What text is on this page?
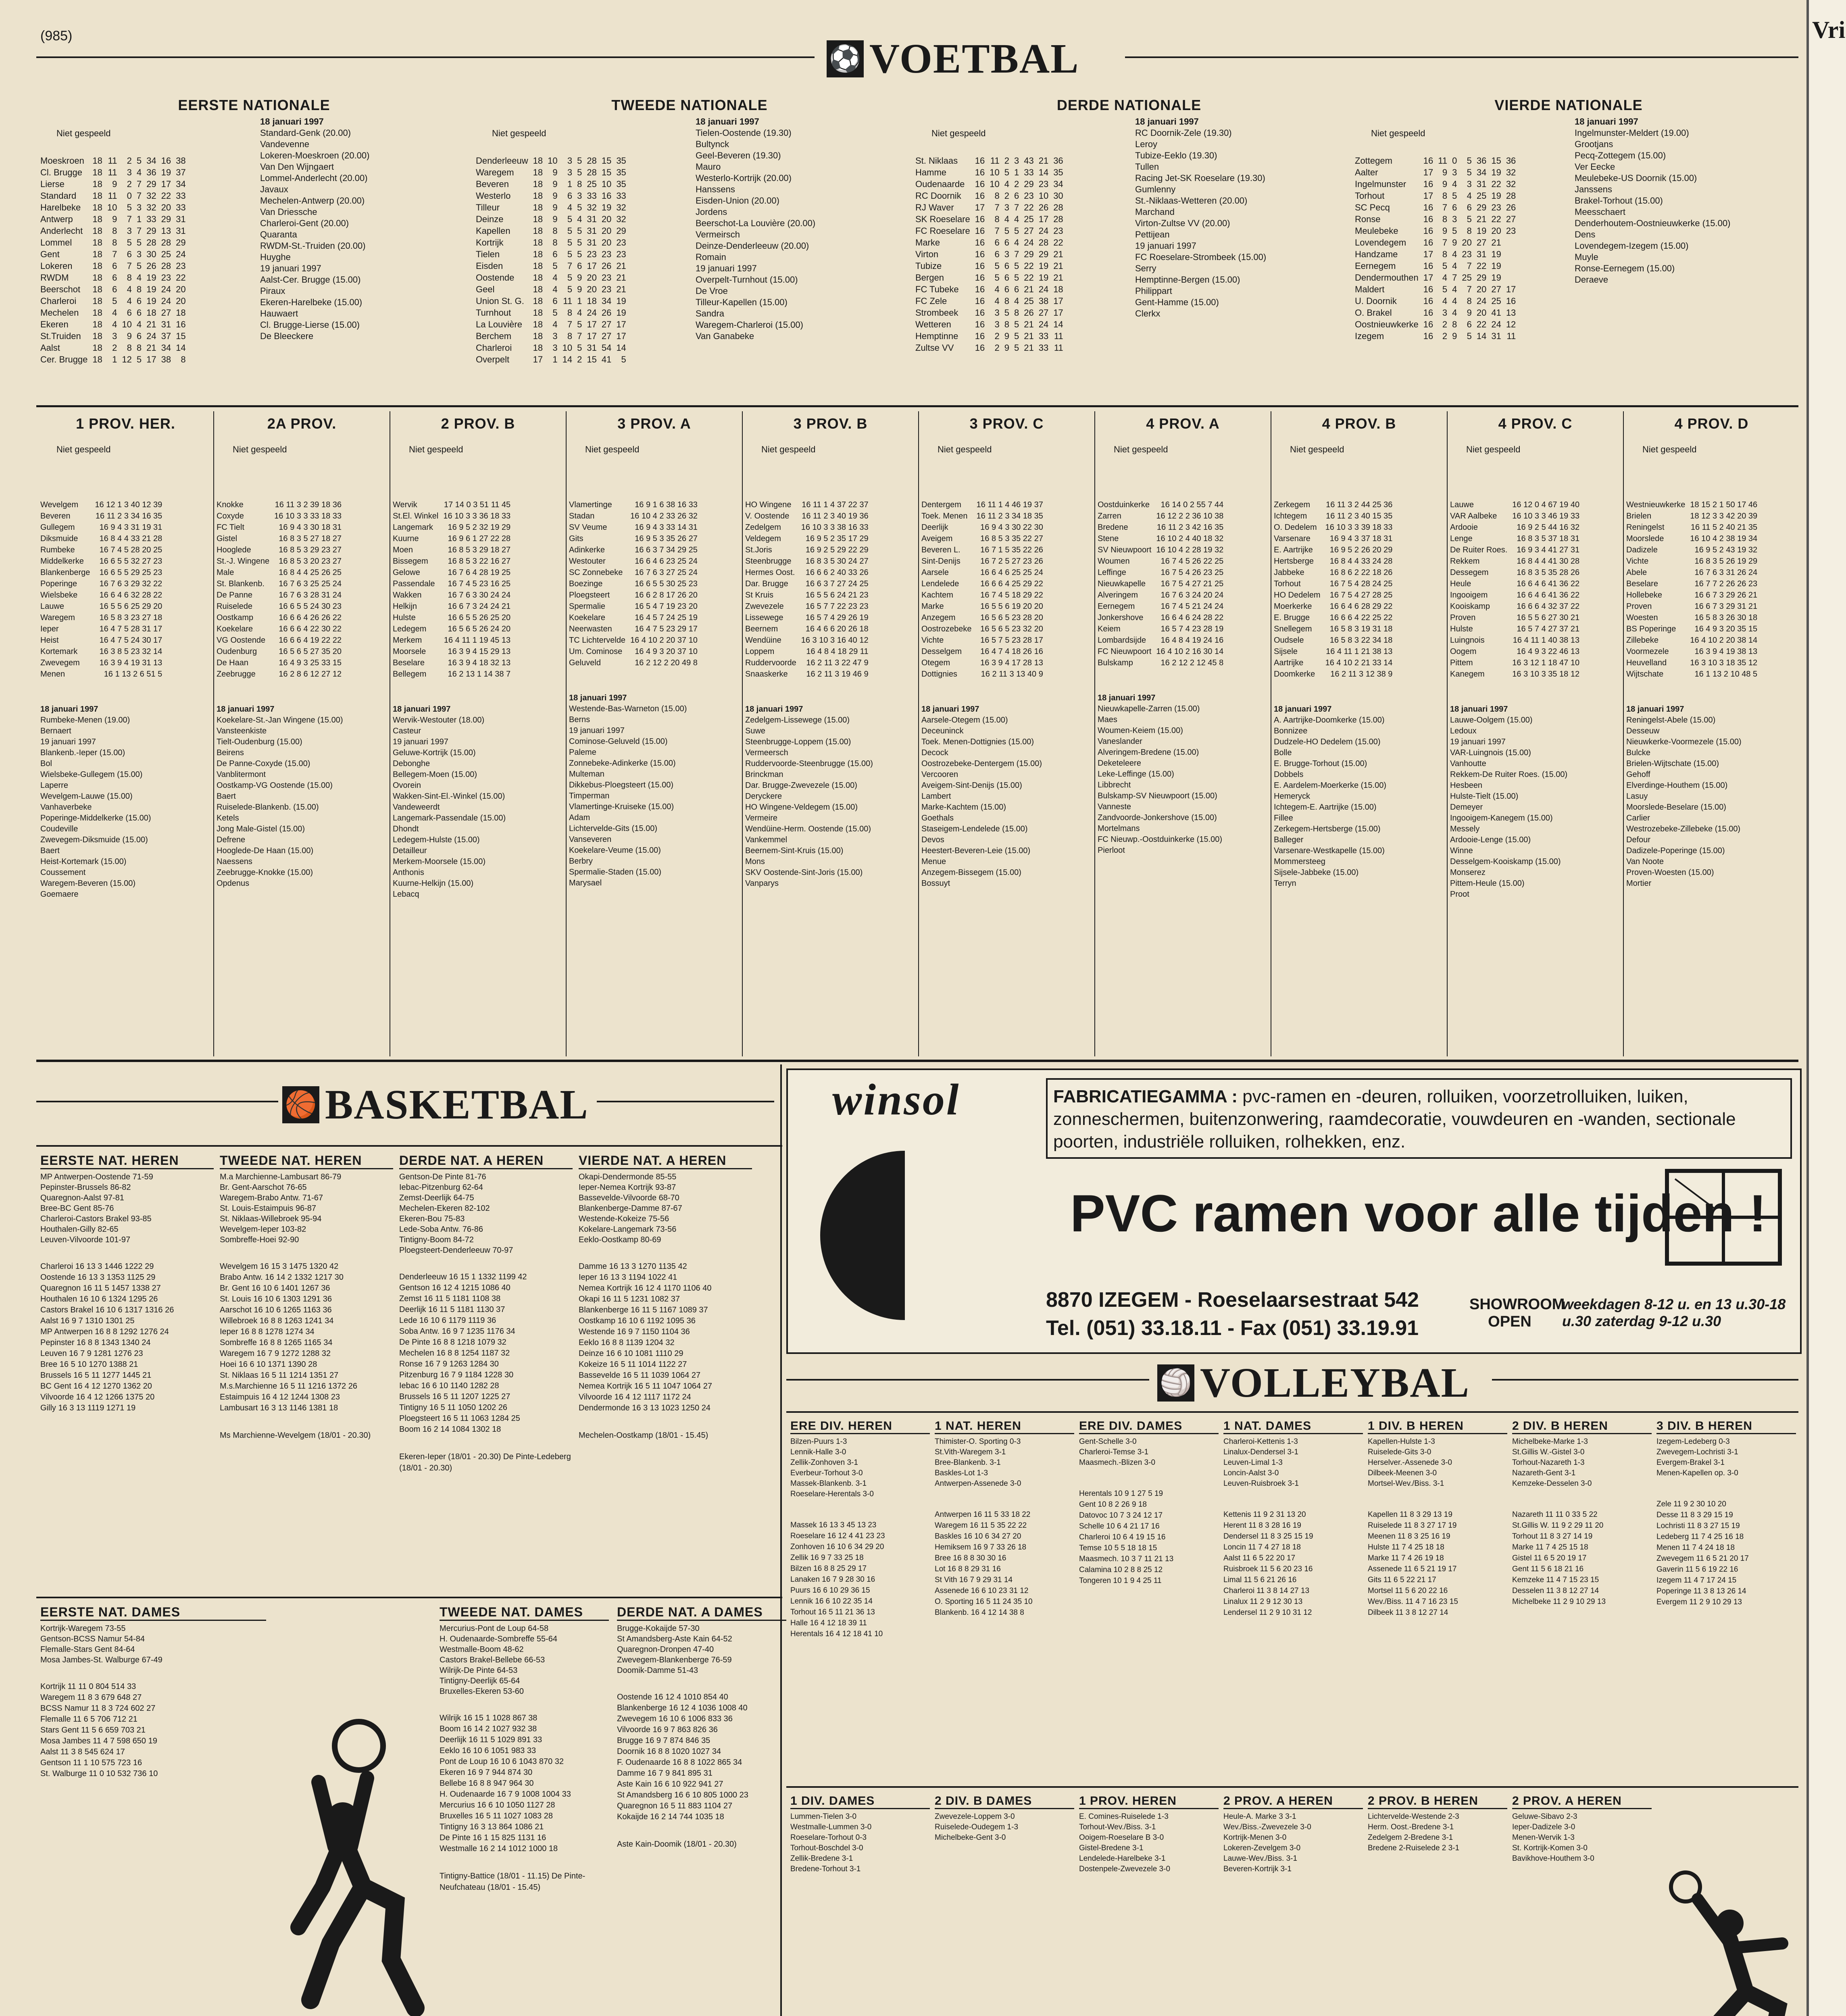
(985)
⚽ VOETBAL
EERSTE NATIONALE
Niet gespeeld
Moeskroen	18	11	2	5	34	16	38
Cl. Brugge	18	11	3	4	36	19	37
Lierse	18	9	2	7	29	17	34
Standard	18	11	0	7	32	22	33
Harelbeke	18	10	5	3	32	20	33
Antwerp	18	9	7	1	33	29	31
Anderlecht	18	8	3	7	29	13	31
Lommel	18	8	5	5	28	28	29
Gent	18	7	6	3	30	25	24
Lokeren	18	6	7	5	26	28	23
RWDM	18	6	8	4	19	23	22
Beerschot	18	6	4	8	19	24	20
Charleroi	18	5	4	6	19	24	20
Mechelen	18	4	6	6	18	27	18
Ekeren	18	4	10	4	21	31	16
St.Truiden	18	3	9	6	24	37	15
Aalst	18	2	8	8	21	34	14
Cer. Brugge	18	1	12	5	17	38	8
18 januari 1997
Standard-Genk (20.00)
Vandevenne
Lokeren-Moeskroen (20.00)
Van Den Wijngaert
Lommel-Anderlecht (20.00)
Javaux
Mechelen-Antwerp (20.00)
Van Driessche
Charleroi-Gent (20.00)
Quaranta
RWDM-St.-Truiden (20.00)
Huyghe
19 januari 1997
Aalst-Cer. Brugge (15.00)
Piraux
Ekeren-Harelbeke (15.00)
Hauwaert
Cl. Brugge-Lierse (15.00)
De Bleeckere
TWEEDE NATIONALE
Niet gespeeld
Denderleeuw	18	10	3	5	28	15	35
Waregem	18	9	3	5	28	15	35
Beveren	18	9	1	8	25	10	35
Westerlo	18	9	6	3	33	16	33
Tilleur	18	9	4	5	32	19	32
Deinze	18	9	5	4	31	20	32
Kapellen	18	8	5	5	31	20	29
Kortrijk	18	8	5	5	31	20	23
Tielen	18	6	5	5	23	23	23
Eisden	18	5	7	6	17	26	21
Oostende	18	4	5	9	20	23	21
Geel	18	4	5	9	20	23	21
Union St. G.	18	6	11	1	18	34	19
Turnhout	18	5	8	4	24	26	19
La Louvière	18	4	7	5	17	27	17
Berchem	18	3	8	7	17	27	17
Charleroi	18	3	10	5	31	54	14
Overpelt	17	1	14	2	15	41	5
18 januari 1997
Tielen-Oostende (19.30)
Bultynck
Geel-Beveren (19.30)
Mauro
Westerlo-Kortrijk (20.00)
Hanssens
Eisden-Union (20.00)
Jordens
Beerschot-La Louvière (20.00)
Vermeirsch
Deinze-Denderleeuw (20.00)
Romain
19 januari 1997
Overpelt-Turnhout (15.00)
De Vroe
Tilleur-Kapellen (15.00)
Sandra
Waregem-Charleroi (15.00)
Van Ganabeke
DERDE NATIONALE
Niet gespeeld
St. Niklaas	16	11	2	3	43	21	36
Hamme	16	10	5	1	33	14	35
Oudenaarde	16	10	4	2	29	23	34
RC Doornik	16	8	2	6	23	10	30
RJ Waver	17	7	3	7	22	26	28
SK Roeselare	16	8	4	4	25	17	28
FC Roeselare	16	7	5	5	27	24	23
Marke	16	6	6	4	24	28	22
Virton	16	6	3	7	29	29	21
Tubize	16	5	6	5	22	19	21
Bergen	16	5	6	5	22	19	21
FC Tubeke	16	4	6	6	21	24	18
FC Zele	16	4	8	4	25	38	17
Strombeek	16	3	5	8	26	27	17
Wetteren	16	3	8	5	21	24	14
Hemptinne	16	2	9	5	21	33	11
Zultse VV	16	2	9	5	21	33	11
18 januari 1997
RC Doornik-Zele (19.30)
Leroy
Tubize-Eeklo (19.30)
Tullen
Racing Jet-SK Roeselare (19.30)
Gumlenny
St.-Niklaas-Wetteren (20.00)
Marchand
Virton-Zultse VV (20.00)
Pettijean
19 januari 1997
FC Roeselare-Strombeek (15.00)
Serry
Hemptinne-Bergen (15.00)
Philippart
Gent-Hamme (15.00)
Clerkx
VIERDE NATIONALE
Niet gespeeld
Zottegem	16	11	0	5	36	15	36
Aalter	17	9	3	5	34	19	32
Ingelmunster	16	9	4	3	31	22	32
Torhout	17	8	5	4	25	19	28
SC Pecq	16	7	6	6	29	23	26
Ronse	16	8	3	5	21	22	27
Meulebeke	16	9	5	8	19	20	23
Lovendegem	16	7	9	20	27	21	
Handzame	17	8	4	23	31	19	
Eernegem	16	5	4	7	22	19	
Dendermouthen	17	4	7	25	29	19	
Maldert	16	5	4	7	20	27	17
U. Doornik	16	4	4	8	24	25	16
O. Brakel	16	3	4	9	20	41	13
Oostnieuwkerke	16	2	8	6	22	24	12
Izegem	16	2	9	5	14	31	11
18 januari 1997
Ingelmunster-Meldert (19.00)
Grootjans
Pecq-Zottegem (15.00)
Ver Eecke
Meulebeke-US Doornik (15.00)
Janssens
Brakel-Torhout (15.00)
Meesschaert
Denderhoutem-Oostnieuwkerke (15.00)
Dens
Lovendegem-Izegem (15.00)
Muyle
Ronse-Eernegem (15.00)
Deraeve
1 PROV. HER.
Niet gespeeld
Wevelgem	16 12 1 3 40 12 39
Beveren	16 11 2 3 34 16 35
Gullegem	16 9 4 3 31 19 31
Diksmuide	16 8 4 4 33 21 28
Rumbeke	16 7 4 5 28 20 25
Middelkerke	16 6 5 5 32 27 23
Blankenberge	16 6 5 5 29 25 23
Poperinge	16 7 6 3 29 32 22
Wielsbeke	16 6 4 6 32 28 22
Lauwe	16 5 5 6 25 29 20
Waregem	16 5 8 3 23 27 18
Ieper	16 4 7 5 28 31 17
Heist	16 4 7 5 24 30 17
Kortemark	16 3 8 5 23 32 14
Zwevegem	16 3 9 4 19 31 13
Menen	16 1 13 2 6 51 5
18 januari 1997
Rumbeke-Menen (19.00)
Bernaert
19 januari 1997
Blankenb.-Ieper (15.00)
Bol
Wielsbeke-Gullegem (15.00)
Laperre
Wevelgem-Lauwe (15.00)
Vanhaverbeke
Poperinge-Middelkerke (15.00)
Coudeville
Zwevegem-Diksmuide (15.00)
Baert
Heist-Kortemark (15.00)
Coussement
Waregem-Beveren (15.00)
Goemaere
2A PROV.
Niet gespeeld
Knokke	16 11 3 2 39 18 36
Coxyde	16 10 3 3 33 18 33
FC Tielt	16 9 4 3 30 18 31
Gistel	16 8 3 5 27 18 27
Hooglede	16 8 5 3 29 23 27
St.-J. Wingene	16 8 5 3 20 23 27
Male	16 8 4 4 25 26 25
St. Blankenb.	16 7 6 3 25 25 24
De Panne	16 7 6 3 28 31 24
Ruiselede	16 6 5 5 24 30 23
Oostkamp	16 6 6 4 26 26 22
Koekelare	16 6 6 4 22 30 22
VG Oostende	16 6 6 4 19 22 22
Oudenburg	16 5 6 5 27 35 20
De Haan	16 4 9 3 25 33 15
Zeebrugge	16 2 8 6 12 27 12
18 januari 1997
Koekelare-St.-Jan Wingene (15.00)
Vansteenkiste
Tielt-Oudenburg (15.00)
Beirens
De Panne-Coxyde (15.00)
Vanblitermont
Oostkamp-VG Oostende (15.00)
Baert
Ruiselede-Blankenb. (15.00)
Ketels
Jong Male-Gistel (15.00)
Defrene
Hooglede-De Haan (15.00)
Naessens
Zeebrugge-Knokke (15.00)
Opdenus
2 PROV. B
Niet gespeeld
Wervik	17 14 0 3 51 11 45
St.El. Winkel	16 10 3 3 36 18 33
Langemark	16 9 5 2 32 19 29
Kuurne	16 9 6 1 27 22 28
Moen	16 8 5 3 29 18 27
Bissegem	16 8 5 3 22 16 27
Gelowe	16 7 6 4 28 19 25
Passendale	16 7 4 5 23 16 25
Wakken	16 7 6 3 30 24 24
Helkijn	16 6 7 3 24 24 21
Hulste	16 6 5 5 26 25 20
Ledegem	16 5 6 5 26 24 20
Merkem	16 4 11 1 19 45 13
Moorsele	16 3 9 4 15 29 13
Beselare	16 3 9 4 18 32 13
Bellegem	16 2 13 1 14 38 7
18 januari 1997
Wervik-Westouter (18.00)
Casteur
19 januari 1997
Geluwe-Kortrijk (15.00)
Debonghe
Bellegem-Moen (15.00)
Ovorein
Wakken-Sint-El.-Winkel (15.00)
Vandeweerdt
Langemark-Passendale (15.00)
Dhondt
Ledegem-Hulste (15.00)
Detailleur
Merkem-Moorsele (15.00)
Anthonis
Kuurne-Helkijn (15.00)
Lebacq
3 PROV. A
Niet gespeeld
Vlamertinge	16 9 1 6 38 16 33
Stadan	16 10 4 2 33 26 32
SV Veume	16 9 4 3 33 14 31
Gits	16 9 5 3 35 26 27
Adinkerke	16 6 3 7 34 29 25
Westouter	16 6 4 6 23 25 24
SC Zonnebeke	16 7 6 3 27 25 24
Boezinge	16 6 5 5 30 25 23
Ploegsteert	16 6 2 8 17 26 20
Spermalie	16 5 4 7 19 23 20
Koekelare	16 4 5 7 24 25 19
Neerwasten	16 4 7 5 23 29 17
TC Lichtervelde	16 4 10 2 20 37 10
Um. Cominose	16 4 9 3 20 37 10
Geluveld	16 2 12 2 20 49 8
18 januari 1997
Westende-Bas-Warneton (15.00)
Berns
19 januari 1997
Cominose-Geluveld (15.00)
Paleme
Zonnebeke-Adinkerke (15.00)
Multeman
Dikkebus-Ploegsteert (15.00)
Timperman
Vlamertinge-Kruiseke (15.00)
Adam
Lichtervelde-Gits (15.00)
Vanseveren
Koekelare-Veume (15.00)
Berbry
Spermalie-Staden (15.00)
Marysael
3 PROV. B
Niet gespeeld
HO Wingene	16 11 1 4 37 22 37
V. Oostende	16 11 2 3 40 19 36
Zedelgem	16 10 3 3 38 16 33
Veldegem	16 9 5 2 35 17 29
St.Joris	16 9 2 5 29 22 29
Steenbrugge	16 8 3 5 30 24 27
Hermes Oost.	16 6 6 2 40 33 26
Dar. Brugge	16 6 3 7 27 24 25
St Kruis	16 5 5 6 24 21 23
Zwevezele	16 5 7 7 22 23 23
Lissewege	16 5 7 4 29 26 19
Beernem	16 4 6 6 20 26 18
Wendüine	16 3 10 3 16 40 12
Loppem	16 4 8 4 18 29 11
Ruddervoorde	16 2 11 3 22 47 9
Snaaskerke	16 2 11 3 19 46 9
18 januari 1997
Zedelgem-Lissewege (15.00)
Suwe
Steenbrugge-Loppem (15.00)
Vermeersch
Ruddervoorde-Steenbrugge (15.00)
Brinckman
Dar. Brugge-Zwevezele (15.00)
Deryckere
HO Wingene-Veldegem (15.00)
Vermeire
Wendüine-Herm. Oostende (15.00)
Vankemmel
Beernem-Sint-Kruis (15.00)
Mons
SKV Oostende-Sint-Joris (15.00)
Vanparys
3 PROV. C
Niet gespeeld
Dentergem	16 11 1 4 46 19 37
Toek. Menen	16 11 2 3 34 18 35
Deerlijk	16 9 4 3 30 22 30
Aveigem	16 8 5 3 35 22 27
Beveren L.	16 7 1 5 35 22 26
Sint-Denijs	16 7 2 5 27 23 26
Aarsele	16 6 4 6 25 25 24
Lendelede	16 6 6 4 25 29 22
Kachtem	16 7 4 5 18 29 22
Marke	16 5 5 6 19 20 20
Anzegem	16 5 6 5 23 28 20
Oostrozebeke	16 5 6 5 23 32 20
Vichte	16 5 7 5 23 28 17
Desselgem	16 4 7 4 18 26 16
Otegem	16 3 9 4 17 28 13
Dottignies	16 2 11 3 13 40 9
18 januari 1997
Aarsele-Otegem (15.00)
Deceuninck
Toek. Menen-Dottignies (15.00)
Decock
Oostrozebeke-Dentergem (15.00)
Vercooren
Aveigem-Sint-Denijs (15.00)
Lambert
Marke-Kachtem (15.00)
Goethals
Staseigem-Lendelede (15.00)
Devos
Heestert-Beveren-Leie (15.00)
Menue
Anzegem-Bissegem (15.00)
Bossuyt
4 PROV. A
Niet gespeeld
Oostduinkerke	16 14 0 2 55 7 44
Zarren	16 12 2 2 36 10 38
Bredene	16 11 2 3 42 16 35
Stene	16 10 2 4 40 18 32
SV Nieuwpoort	16 10 4 2 28 19 32
Woumen	16 7 4 5 26 22 25
Leffinge	16 7 5 4 26 23 25
Nieuwkapelle	16 7 5 4 27 21 25
Alveringem	16 7 6 3 24 20 24
Eernegem	16 7 4 5 21 24 24
Jonkershove	16 6 4 6 24 28 22
Keiem	16 5 7 4 23 28 19
Lombardsijde	16 4 8 4 19 24 16
FC Nieuwpoort	16 4 10 2 16 30 14
Bulskamp	16 2 12 2 12 45 8
18 januari 1997
Nieuwkapelle-Zarren (15.00)
Maes
Woumen-Keiem (15.00)
Vaneslander
Alveringem-Bredene (15.00)
Deketeleere
Leke-Leffinge (15.00)
Libbrecht
Bulskamp-SV Nieuwpoort (15.00)
Vanneste
Zandvoorde-Jonkershove (15.00)
Mortelmans
FC Nieuwp.-Oostduinkerke (15.00)
Pierloot
4 PROV. B
Niet gespeeld
Zerkegem	16 11 3 2 44 25 36
Ichtegem	16 11 2 3 40 15 35
O. Dedelem	16 10 3 3 39 18 33
Varsenare	16 9 4 3 37 18 31
E. Aartrijke	16 9 5 2 26 20 29
Hertsberge	16 8 4 4 33 24 28
Jabbeke	16 8 6 2 22 18 26
Torhout	16 7 5 4 28 24 25
HO Dedelem	16 7 5 4 27 28 25
Moerkerke	16 6 4 6 28 29 22
E. Brugge	16 6 6 4 22 25 22
Snellegem	16 5 8 3 19 31 18
Oudsele	16 5 8 3 22 34 18
Sijsele	16 4 11 1 21 38 13
Aartrijke	16 4 10 2 21 33 14
Doomkerke	16 2 11 3 12 38 9
18 januari 1997
A. Aartrijke-Doomkerke (15.00)
Bonnizee
Dudzele-HO Dedelem (15.00)
Bolle
E. Brugge-Torhout (15.00)
Dobbels
E. Aardelem-Moerkerke (15.00)
Hemeryck
Ichtegem-E. Aartrijke (15.00)
Fillee
Zerkegem-Hertsberge (15.00)
Balleger
Varsenare-Westkapelle (15.00)
Mommersteeg
Sijsele-Jabbeke (15.00)
Terryn
4 PROV. C
Niet gespeeld
Lauwe	16 12 0 4 67 19 40
VAR Aalbeke	16 10 3 3 46 19 33
Ardooie	16 9 2 5 44 16 32
Lenge	16 8 3 5 37 18 31
De Ruiter Roes.	16 9 3 4 41 27 31
Rekkem	16 8 4 4 41 30 28
Dessegem	16 8 3 5 35 28 26
Heule	16 6 4 6 41 36 22
Ingooigem	16 6 4 6 41 36 22
Kooiskamp	16 6 6 4 32 37 22
Proven	16 5 5 6 27 30 21
Hulste	16 5 7 4 27 37 21
Luingnois	16 4 11 1 40 38 13
Oogem	16 4 9 3 22 46 13
Pittem	16 3 12 1 18 47 10
Kanegem	16 3 10 3 35 18 12
18 januari 1997
Lauwe-Oolgem (15.00)
Ledoux
19 januari 1997
VAR-Luingnois (15.00)
Vanhoutte
Rekkem-De Ruiter Roes. (15.00)
Hesbeen
Hulste-Tielt (15.00)
Demeyer
Ingooigem-Kanegem (15.00)
Messely
Ardooie-Lenge (15.00)
Winne
Desselgem-Kooiskamp (15.00)
Monserez
Pittem-Heule (15.00)
Proot
4 PROV. D
Niet gespeeld
Westnieuwkerke	18 15 2 1 50 17 46
Brielen	18 12 3 3 42 20 39
Reningelst	16 11 5 2 40 21 35
Moorslede	16 10 4 2 38 19 34
Dadizele	16 9 5 2 43 19 32
Vichte	16 8 3 5 26 19 29
Abele	16 7 6 3 31 26 24
Beselare	16 7 7 2 26 26 23
Hollebeke	16 6 7 3 29 26 21
Proven	16 6 7 3 29 31 21
Woesten	16 5 8 3 26 30 18
BS Poperinge	16 4 9 3 20 35 15
Zillebeke	16 4 10 2 20 38 14
Voormezele	16 3 9 4 19 38 13
Heuvelland	16 3 10 3 18 35 12
Wijtschate	16 1 13 2 10 48 5
18 januari 1997
Reningelst-Abele (15.00)
Desseuw
Nieuwkerke-Voormezele (15.00)
Bulcke
Brielen-Wijtschate (15.00)
Gehoff
Elverdinge-Houthem (15.00)
Lasuy
Moorslede-Beselare (15.00)
Carlier
Westrozebeke-Zillebeke (15.00)
Defour
Dadizele-Poperinge (15.00)
Van Noote
Proven-Woesten (15.00)
Mortier
🏀 BASKETBAL
EERSTE NAT. HEREN
MP Antwerpen-Oostende 71-59
Pepinster-Brussels 86-82
Quaregnon-Aalst 97-81
Bree-BC Gent 85-76
Charleroi-Castors Brakel 93-85
Houthalen-Gilly 82-65
Leuven-Vilvoorde 101-97
Charleroi 16 13 3 1446 1222 29
Oostende 16 13 3 1353 1125 29
Quaregnon 16 11 5 1457 1338 27
Houthalen 16 10 6 1324 1295 26
Castors Brakel 16 10 6 1317 1316 26
Aalst 16 9 7 1310 1301 25
MP Antwerpen 16 8 8 1292 1276 24
Pepinster 16 8 8 1343 1340 24
Leuven 16 7 9 1281 1276 23
Bree 16 5 10 1270 1388 21
Brussels 16 5 11 1277 1445 21
BC Gent 16 4 12 1270 1362 20
Vilvoorde 16 4 12 1266 1375 20
Gilly 16 3 13 1119 1271 19
TWEEDE NAT. HEREN
M.a Marchienne-Lambusart 86-79
Br. Gent-Aarschot 76-65
Waregem-Brabo Antw. 71-67
St. Louis-Estaimpuis 96-87
St. Niklaas-Willebroek 95-94
Wevelgem-Ieper 103-82
Sombreffe-Hoei 92-90
Wevelgem 16 15 3 1475 1320 42
Brabo Antw. 16 14 2 1332 1217 30
Br. Gent 16 10 6 1401 1267 36
St. Louis 16 10 6 1303 1291 36
Aarschot 16 10 6 1265 1163 36
Willebroek 16 8 8 1263 1241 34
Ieper 16 8 8 1278 1274 34
Sombreffe 16 8 8 1265 1165 34
Waregem 16 7 9 1272 1288 32
Hoei 16 6 10 1371 1390 28
St. Niklaas 16 5 11 1214 1351 27
M.s.Marchienne 16 5 11 1216 1372 26
Estaimpuis 16 4 12 1244 1308 23
Lambusart 16 3 13 1146 1381 18
Ms Marchienne-Wevelgem (18/01 - 20.30)
DERDE NAT. A HEREN
Gentson-De Pinte 81-76
Iebac-Pitzenburg 62-64
Zemst-Deerlijk 64-75
Mechelen-Ekeren 82-102
Ekeren-Bou 75-83
Lede-Soba Antw. 76-86
Tintigny-Boom 84-72
Ploegsteert-Denderleeuw 70-97
Denderleeuw 16 15 1 1332 1199 42
Gentson 16 12 4 1215 1086 40
Zemst 16 11 5 1181 1108 38
Deerlijk 16 11 5 1181 1130 37
Lede 16 10 6 1179 1119 36
Soba Antw. 16 9 7 1235 1176 34
De Pinte 16 8 8 1218 1079 32
Mechelen 16 8 8 1254 1187 32
Ronse 16 7 9 1263 1284 30
Pitzenburg 16 7 9 1184 1228 30
Iebac 16 6 10 1140 1282 28
Brussels 16 5 11 1207 1225 27
Tintigny 16 5 11 1050 1202 26
Ploegsteert 16 5 11 1063 1284 25
Boom 16 2 14 1084 1302 18
Ekeren-Ieper (18/01 - 20.30) De Pinte-Ledeberg (18/01 - 20.30)
VIERDE NAT. A HEREN
Okapi-Dendermonde 85-55
Ieper-Nemea Kortrijk 93-87
Bassevelde-Vilvoorde 68-70
Blankenberge-Damme 87-67
Westende-Kokeize 75-56
Kokelare-Langemark 73-56
Eeklo-Oostkamp 80-69
Damme 16 13 3 1270 1135 42
Ieper 16 13 3 1194 1022 41
Nemea Kortrijk 16 12 4 1170 1106 40
Okapi 16 11 5 1231 1082 37
Blankenberge 16 11 5 1167 1089 37
Oostkamp 16 10 6 1192 1095 36
Westende 16 9 7 1150 1104 36
Eeklo 16 8 8 1139 1204 32
Deinze 16 6 10 1081 1110 29
Kokeize 16 5 11 1014 1122 27
Bassevelde 16 5 11 1039 1064 27
Nemea Kortrijk 16 5 11 1047 1064 27
Vilvoorde 16 4 12 1117 1172 24
Dendermonde 16 3 13 1023 1250 24
Mechelen-Oostkamp (18/01 - 15.45)
EERSTE NAT. DAMES
Kortrijk-Waregem 73-55
Gentson-BCSS Namur 54-84
Flemalle-Stars Gent 84-64
Mosa Jambes-St. Walburge 67-49
Kortrijk 11 11 0 804 514 33
Waregem 11 8 3 679 648 27
BCSS Namur 11 8 3 724 602 27
Flemalle 11 6 5 706 712 21
Stars Gent 11 5 6 659 703 21
Mosa Jambes 11 4 7 598 650 19
Aalst 11 3 8 545 624 17
Gentson 11 1 10 575 723 16
St. Walburge 11 0 10 532 736 10
TWEEDE NAT. DAMES
Mercurius-Pont de Loup 64-58
H. Oudenaarde-Sombreffe 55-64
Westmalle-Boom 48-62
Castors Brakel-Bellebe 66-53
Wilrijk-De Pinte 64-53
Tintigny-Deerlijk 65-64
Bruxelles-Ekeren 53-60
Wilrijk 16 15 1 1028 867 38
Boom 16 14 2 1027 932 38
Deerlijk 16 11 5 1029 891 33
Eeklo 16 10 6 1051 983 33
Pont de Loup 16 10 6 1043 870 32
Ekeren 16 9 7 944 874 30
Bellebe 16 8 8 947 964 30
H. Oudenaarde 16 7 9 1008 1004 33
Mercurius 16 6 10 1050 1127 28
Bruxelles 16 5 11 1027 1083 28
Tintigny 16 3 13 864 1086 21
De Pinte 16 1 15 825 1131 16
Westmalle 16 2 14 1012 1000 18
Tintigny-Battice (18/01 - 11.15) De Pinte-Neufchateau (18/01 - 15.45)
DERDE NAT. A DAMES
Brugge-Kokaijde 57-30
St Amandsberg-Aste Kain 64-52
Quaregnon-Dronpen 47-40
Zwevegem-Blankenberge 76-59
Doomik-Damme 51-43
Oostende 16 12 4 1010 854 40
Blankenberge 16 12 4 1036 1008 40
Zwevegem 16 10 6 1006 833 36
Vilvoorde 16 9 7 863 826 36
Brugge 16 9 7 874 846 35
Doornik 16 8 8 1020 1027 34
F. Oudenaarde 16 8 8 1022 865 34
Damme 16 7 9 841 895 31
Aste Kain 16 6 10 922 941 27
St Amandsberg 16 6 10 805 1000 23
Quaregnon 16 5 11 883 1104 27
Kokaijde 16 2 14 744 1035 18
Aste Kain-Doomik (18/01 - 20.30)
winsol	FABRICATIEGAMMA : pvc-ramen en -deuren, rolluiken, voorzetrolluiken, luiken, zonneschermen, buitenzonwering, raamdecoratie, vouwdeuren en -wanden, sectionale poorten, industriële rolluiken, rolhekken, enz.
PVC ramen voor alle tijden !
8870 IZEGEM - Roeselaarsestraat 542
Tel. (051) 33.18.11 - Fax (051) 33.19.91
SHOWROOM OPEN
weekdagen 8-12 u. en 13 u.30-18 u.30 zaterdag 9-12 u.30
🏐 VOLLEYBAL
ERE DIV. HEREN
Bilzen-Puurs 1-3
Lennik-Halle 3-0
Zellik-Zonhoven 3-1
Everbeur-Torhout 3-0
Massek-Blankenb. 3-1
Roeselare-Herentals 3-0
Massek 16 13 3 45 13 23
Roeselare 16 12 4 41 23 23
Zonhoven 16 10 6 34 29 20
Zellik 16 9 7 33 25 18
Bilzen 16 8 8 25 29 17
Lanaken 16 7 9 28 30 16
Puurs 16 6 10 29 36 15
Lennik 16 6 10 22 35 14
Torhout 16 5 11 21 36 13
Halle 16 4 12 18 39 11
Herentals 16 4 12 18 41 10
1 NAT. HEREN
Thimister-O. Sporting 0-3
St.Vith-Waregem 3-1
Bree-Blankenb. 3-1
Baskles-Lot 1-3
Antwerpen-Assenede 3-0
Antwerpen 16 11 5 33 18 22
Waregem 16 11 5 35 22 22
Baskles 16 10 6 34 27 20
Hemiksem 16 9 7 33 26 18
Bree 16 8 8 30 30 16
Lot 16 8 8 29 31 16
St Vith 16 7 9 29 31 14
Assenede 16 6 10 23 31 12
O. Sporting 16 5 11 24 35 10
Blankenb. 16 4 12 14 38 8
ERE DIV. DAMES
Gent-Schelle 3-0
Charleroi-Temse 3-1
Maasmech.-Blizen 3-0
Herentals 10 9 1 27 5 19
Gent 10 8 2 26 9 18
Datovoc 10 7 3 24 12 17
Schelle 10 6 4 21 17 16
Charleroi 10 6 4 19 15 16
Temse 10 5 5 18 18 15
Maasmech. 10 3 7 11 21 13
Calamina 10 2 8 8 25 12
Tongeren 10 1 9 4 25 11
1 NAT. DAMES
Charleroi-Kettenis 1-3
Linalux-Dendersel 3-1
Leuven-Limal 1-3
Loncin-Aalst 3-0
Leuven-Ruisbroek 3-1
Kettenis 11 9 2 31 13 20
Herent 11 8 3 28 16 19
Dendersel 11 8 3 25 15 19
Loncin 11 7 4 27 18 18
Aalst 11 6 5 22 20 17
Ruisbroek 11 5 6 20 23 16
Limal 11 5 6 21 26 16
Charleroi 11 3 8 14 27 13
Linalux 11 2 9 12 30 13
Lendersel 11 2 9 10 31 12
1 DIV. B HEREN
Kapellen-Hulste 1-3
Ruiselede-Gits 3-0
Herselver.-Assenede 3-0
Dilbeek-Meenen 3-0
Mortsel-Wev./Biss. 3-1
Kapellen 11 8 3 29 13 19
Ruiselede 11 8 3 27 17 19
Meenen 11 8 3 25 16 19
Hulste 11 7 4 25 18 18
Marke 11 7 4 26 19 18
Assenede 11 6 5 21 19 17
Gits 11 6 5 22 21 17
Mortsel 11 5 6 20 22 16
Wev./Biss. 11 4 7 16 23 15
Dilbeek 11 3 8 12 27 14
2 DIV. B HEREN
Michelbeke-Marke 1-3
St.Gillis W.-Gistel 3-0
Torhout-Nazareth 1-3
Nazareth-Gent 3-1
Kemzeke-Desselen 3-0
Nazareth 11 11 0 33 5 22
St.Gillis W. 11 9 2 29 11 20
Torhout 11 8 3 27 14 19
Marke 11 7 4 25 15 18
Gistel 11 6 5 20 19 17
Gent 11 5 6 18 21 16
Kemzeke 11 4 7 15 23 15
Desselen 11 3 8 12 27 14
Michelbeke 11 2 9 10 29 13
3 DIV. B HEREN
Izegem-Ledeberg 0-3
Zwevegem-Lochristi 3-1
Evergem-Brakel 3-1
Menen-Kapellen op. 3-0
Zele 11 9 2 30 10 20
Desse 11 8 3 29 15 19
Lochristi 11 8 3 27 15 19
Ledeberg 11 7 4 25 16 18
Menen 11 7 4 24 18 18
Zwevegem 11 6 5 21 20 17
Gaverin 11 5 6 19 22 16
Izegem 11 4 7 17 24 15
Poperinge 11 3 8 13 26 14
Evergem 11 2 9 10 29 13
1 DIV. DAMES
Lummen-Tielen 3-0
Westmalle-Lummen 3-0
Roeselare-Torhout 0-3
Torhout-Boschdel 3-0
Zellik-Bredene 3-1
Bredene-Torhout 3-1
2 DIV. B DAMES
Zwevezele-Loppem 3-0
Ruiselede-Oudegem 1-3
Michelbeke-Gent 3-0
1 PROV. HEREN
E. Comines-Ruiselede 1-3
Torhout-Wev./Biss. 3-1
Ooigem-Roeselare B 3-0
Gistel-Bredene 3-1
Lendelede-Harelbeke 3-1
Dostenpele-Zwevezele 3-0
2 PROV. A HEREN
Heule-A. Marke 3 3-1
Wev./Biss.-Zwevezele 3-0
Kortrijk-Menen 3-0
Lokeren-Zevelgem 3-0
Lauwe-Wev./Biss. 3-1
Beveren-Kortrijk 3-1
2 PROV. B HEREN
Lichtervelde-Westende 2-3
Herm. Oost.-Bredene 3-1
Zedelgem 2-Bredene 3-1
Bredene 2-Ruiselede 2 3-1
2 PROV. A HEREN
Geluwe-Sibavo 2-3
Ieper-Dadizele 3-0
Menen-Wervik 1-3
St. Kortrijk-Komen 3-0
Bavikhove-Houthem 3-0
Vri
